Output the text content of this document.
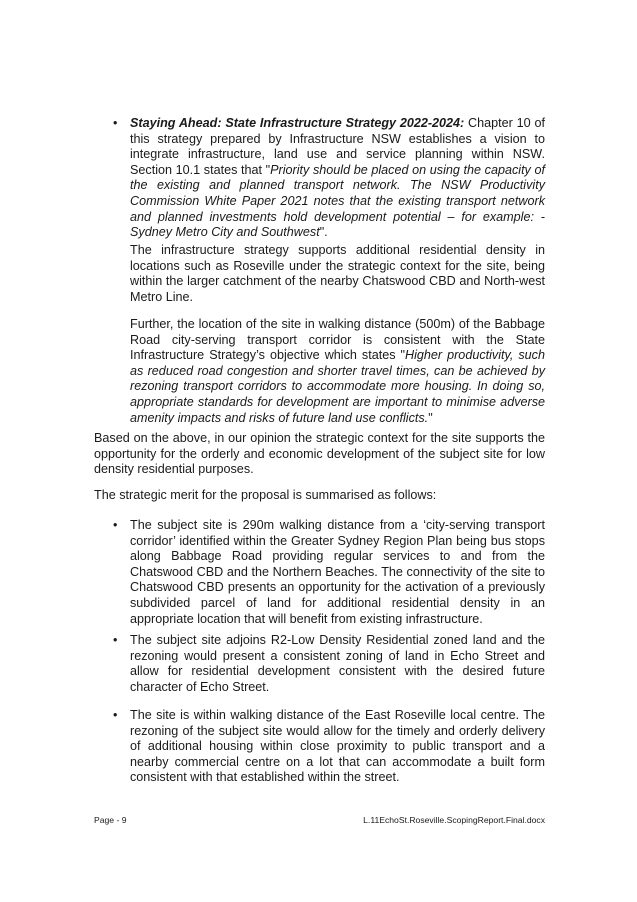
• Staying Ahead: State Infrastructure Strategy 2022-2024: Chapter 10 of this strategy prepared by Infrastructure NSW establishes a vision to integrate infrastructure, land use and service planning within NSW. Section 10.1 states that "Priority should be placed on using the capacity of the existing and planned transport network. The NSW Productivity Commission White Paper 2021 notes that the existing transport network and planned investments hold development potential – for example: - Sydney Metro City and Southwest".
The infrastructure strategy supports additional residential density in locations such as Roseville under the strategic context for the site, being within the larger catchment of the nearby Chatswood CBD and North-west Metro Line.
Further, the location of the site in walking distance (500m) of the Babbage Road city-serving transport corridor is consistent with the State Infrastructure Strategy’s objective which states "Higher productivity, such as reduced road congestion and shorter travel times, can be achieved by rezoning transport corridors to accommodate more housing. In doing so, appropriate standards for development are important to minimise adverse amenity impacts and risks of future land use conflicts."
Based on the above, in our opinion the strategic context for the site supports the opportunity for the orderly and economic development of the subject site for low density residential purposes.
The strategic merit for the proposal is summarised as follows:
• The subject site is 290m walking distance from a ‘city-serving transport corridor’ identified within the Greater Sydney Region Plan being bus stops along Babbage Road providing regular services to and from the Chatswood CBD and the Northern Beaches. The connectivity of the site to Chatswood CBD presents an opportunity for the activation of a previously subdivided parcel of land for additional residential density in an appropriate location that will benefit from existing infrastructure.
• The subject site adjoins R2-Low Density Residential zoned land and the rezoning would present a consistent zoning of land in Echo Street and allow for residential development consistent with the desired future character of Echo Street.
• The site is within walking distance of the East Roseville local centre. The rezoning of the subject site would allow for the timely and orderly delivery of additional housing within close proximity to public transport and a nearby commercial centre on a lot that can accommodate a built form consistent with that established within the street.
Page - 9	L.11EchoSt.Roseville.ScopingReport.Final.docx
